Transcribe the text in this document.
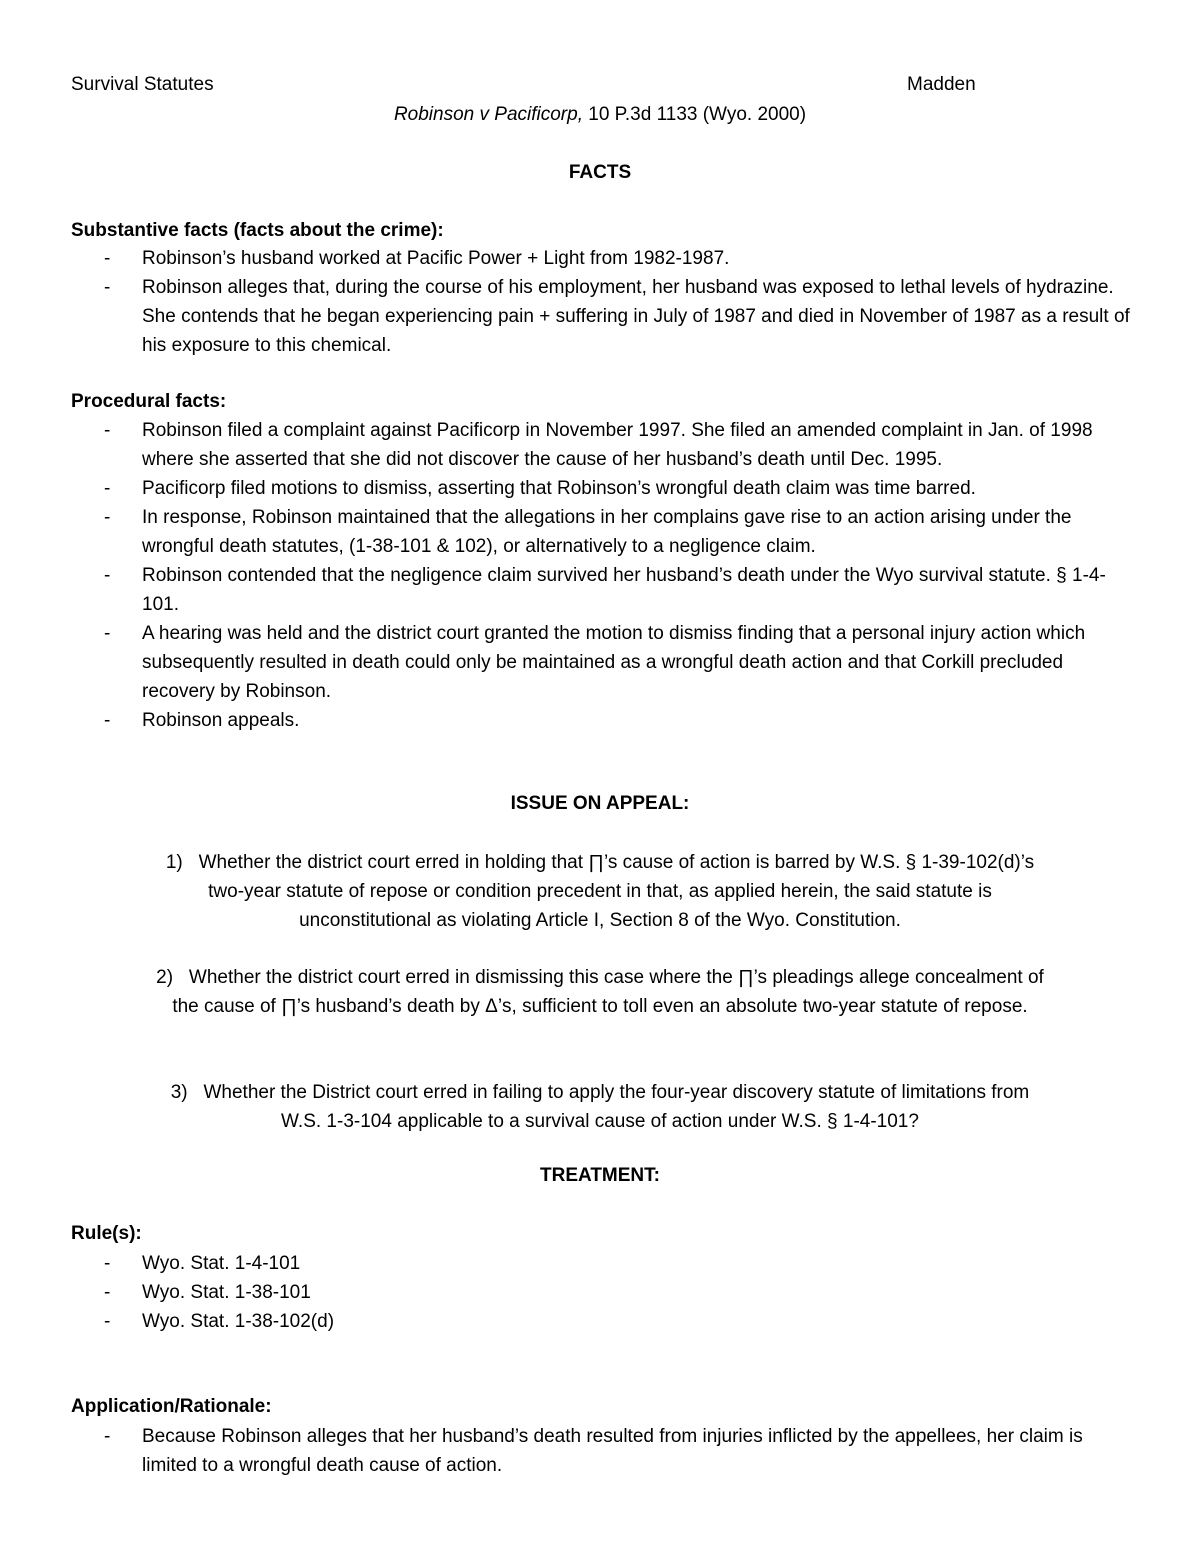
Survival Statutes	Madden
Robinson v Pacificorp, 10 P.3d 1133 (Wyo. 2000)
FACTS
Substantive facts (facts about the crime):
- Robinson’s husband worked at Pacific Power + Light from 1982-1987.
- Robinson alleges that, during the course of his employment, her husband was exposed to lethal levels of hydrazine. She contends that he began experiencing pain + suffering in July of 1987 and died in November of 1987 as a result of his exposure to this chemical.
Procedural facts:
- Robinson filed a complaint against Pacificorp in November 1997. She filed an amended complaint in Jan. of 1998 where she asserted that she did not discover the cause of her husband’s death until Dec. 1995.
- Pacificorp filed motions to dismiss, asserting that Robinson’s wrongful death claim was time barred.
- In response, Robinson maintained that the allegations in her complains gave rise to an action arising under the wrongful death statutes, (1-38-101 & 102), or alternatively to a negligence claim.
- Robinson contended that the negligence claim survived her husband’s death under the Wyo survival statute. § 1-4-101.
- A hearing was held and the district court granted the motion to dismiss finding that a personal injury action which subsequently resulted in death could only be maintained as a wrongful death action and that Corkill precluded recovery by Robinson.
- Robinson appeals.
ISSUE ON APPEAL:
1) Whether the district court erred in holding that ∏’s cause of action is barred by W.S. § 1-39-102(d)’s
two-year statute of repose or condition precedent in that, as applied herein, the said statute is
unconstitutional as violating Article I, Section 8 of the Wyo. Constitution.
2) Whether the district court erred in dismissing this case where the ∏’s pleadings allege concealment of
the cause of ∏’s husband’s death by Δ’s, sufficient to toll even an absolute two-year statute of repose.
3) Whether the District court erred in failing to apply the four-year discovery statute of limitations from
W.S. 1-3-104 applicable to a survival cause of action under W.S. § 1-4-101?
TREATMENT:
Rule(s):
- Wyo. Stat. 1-4-101
- Wyo. Stat. 1-38-101
- Wyo. Stat. 1-38-102(d)
Application/Rationale:
- Because Robinson alleges that her husband’s death resulted from injuries inflicted by the appellees, her claim is limited to a wrongful death cause of action.
